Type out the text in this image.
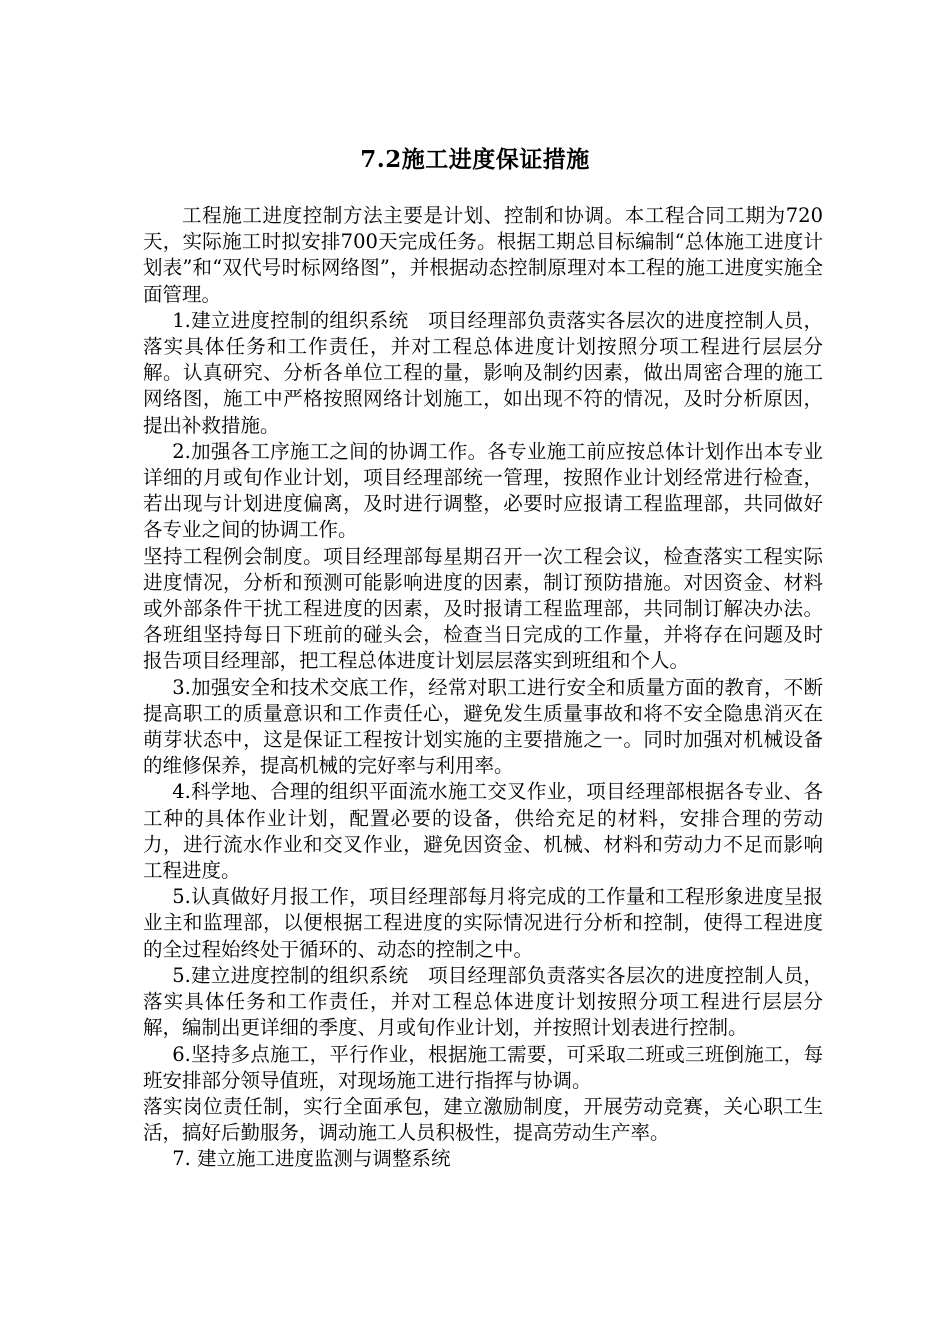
7.2施工进度保证措施

工程施工进度控制方法主要是计划、控制和协调。本工程合同工期为720天，实际施工时拟安排700天完成任务。根据工期总目标编制“总体施工进度计划表”和“双代号时标网络图”，并根据动态控制原理对本工程的施工进度实施全面管理。

1.建立进度控制的组织系统　项目经理部负责落实各层次的进度控制人员，落实具体任务和工作责任，并对工程总体进度计划按照分项工程进行层层分解。认真研究、分析各单位工程的量，影响及制约因素，做出周密合理的施工网络图，施工中严格按照网络计划施工，如出现不符的情况，及时分析原因，提出补救措施。

2.加强各工序施工之间的协调工作。各专业施工前应按总体计划作出本专业详细的月或旬作业计划，项目经理部统一管理，按照作业计划经常进行检查，若出现与计划进度偏离，及时进行调整，必要时应报请工程监理部，共同做好各专业之间的协调工作。

坚持工程例会制度。项目经理部每星期召开一次工程会议，检查落实工程实际进度情况，分析和预测可能影响进度的因素，制订预防措施。对因资金、材料或外部条件干扰工程进度的因素，及时报请工程监理部，共同制订解决办法。各班组坚持每日下班前的碰头会，检查当日完成的工作量，并将存在问题及时报告项目经理部，把工程总体进度计划层层落实到班组和个人。

3.加强安全和技术交底工作，经常对职工进行安全和质量方面的教育，不断提高职工的质量意识和工作责任心，避免发生质量事故和将不安全隐患消灭在萌芽状态中，这是保证工程按计划实施的主要措施之一。同时加强对机械设备的维修保养，提高机械的完好率与利用率。

4.科学地、合理的组织平面流水施工交叉作业，项目经理部根据各专业、各工种的具体作业计划，配置必要的设备，供给充足的材料，安排合理的劳动力，进行流水作业和交叉作业，避免因资金、机械、材料和劳动力不足而影响工程进度。

5.认真做好月报工作，项目经理部每月将完成的工作量和工程形象进度呈报业主和监理部，以便根据工程进度的实际情况进行分析和控制，使得工程进度的全过程始终处于循环的、动态的控制之中。

5.建立进度控制的组织系统　项目经理部负责落实各层次的进度控制人员，落实具体任务和工作责任，并对工程总体进度计划按照分项工程进行层层分解，编制出更详细的季度、月或旬作业计划，并按照计划表进行控制。

6.坚持多点施工，平行作业，根据施工需要，可采取二班或三班倒施工，每班安排部分领导值班，对现场施工进行指挥与协调。

落实岗位责任制，实行全面承包，建立激励制度，开展劳动竞赛，关心职工生活，搞好后勤服务，调动施工人员积极性，提高劳动生产率。

7. 建立施工进度监测与调整系统
